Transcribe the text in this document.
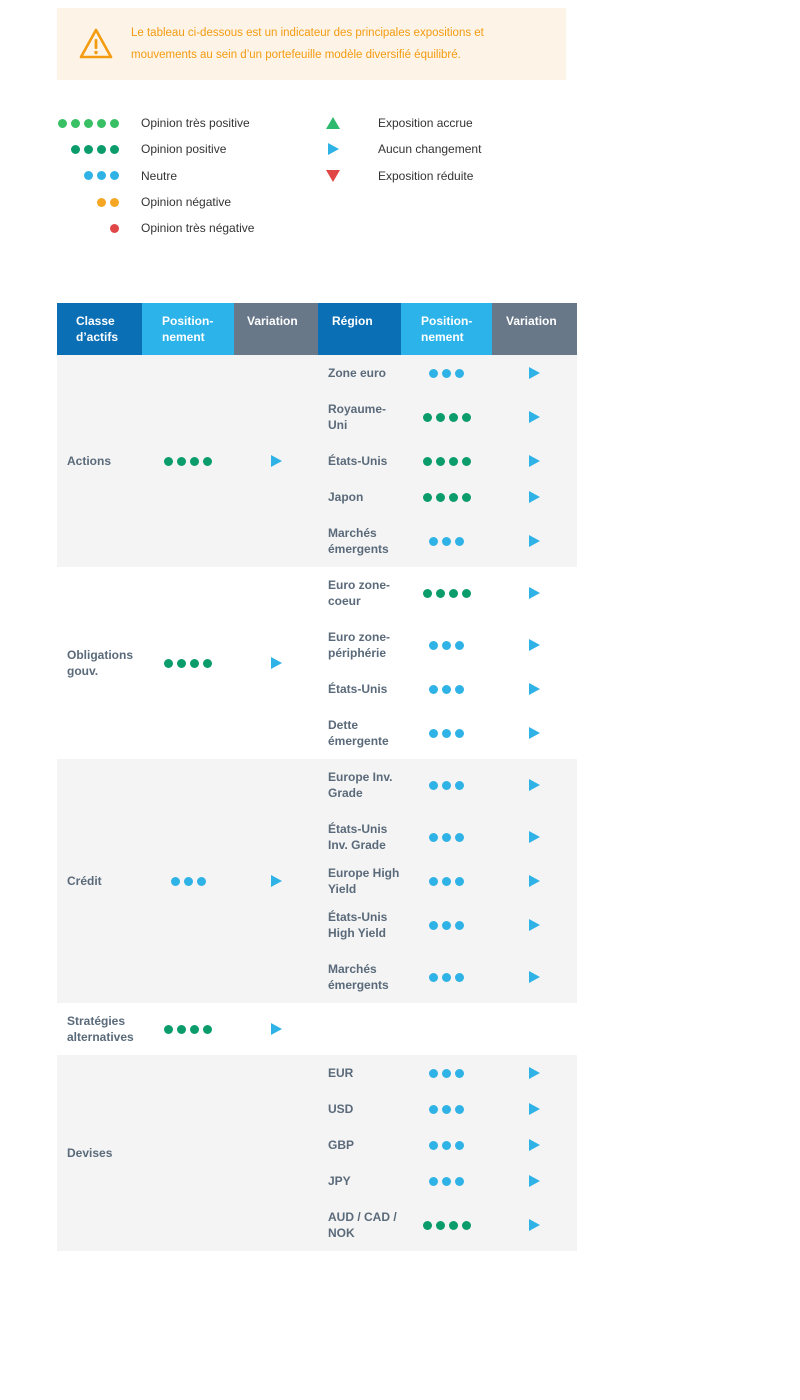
Le tableau ci-dessous est un indicateur des principales expositions et mouvements au sein d’un portefeuille modèle diversifié équilibré.
Opinion très positive
Opinion positive
Neutre
Opinion négative
Opinion très négative
Exposition accrue
Aucun changement
Exposition réduite
Classe d’actifs
Position-nement
Variation	Région	Position-nement
Variation
Actions
Zone euro
Royaume-Uni
États-Unis
Japon
Marchés émergents
Obligations gouv.
Euro zone-coeur
Euro zone-périphérie
États-Unis
Dette émergente
Crédit
Europe Inv. Grade
États-Unis Inv. Grade
Europe High Yield
États-Unis High Yield
Marchés émergents
Stratégies alternatives
Devises
EUR
USD
GBP
JPY
AUD / CAD / NOK
